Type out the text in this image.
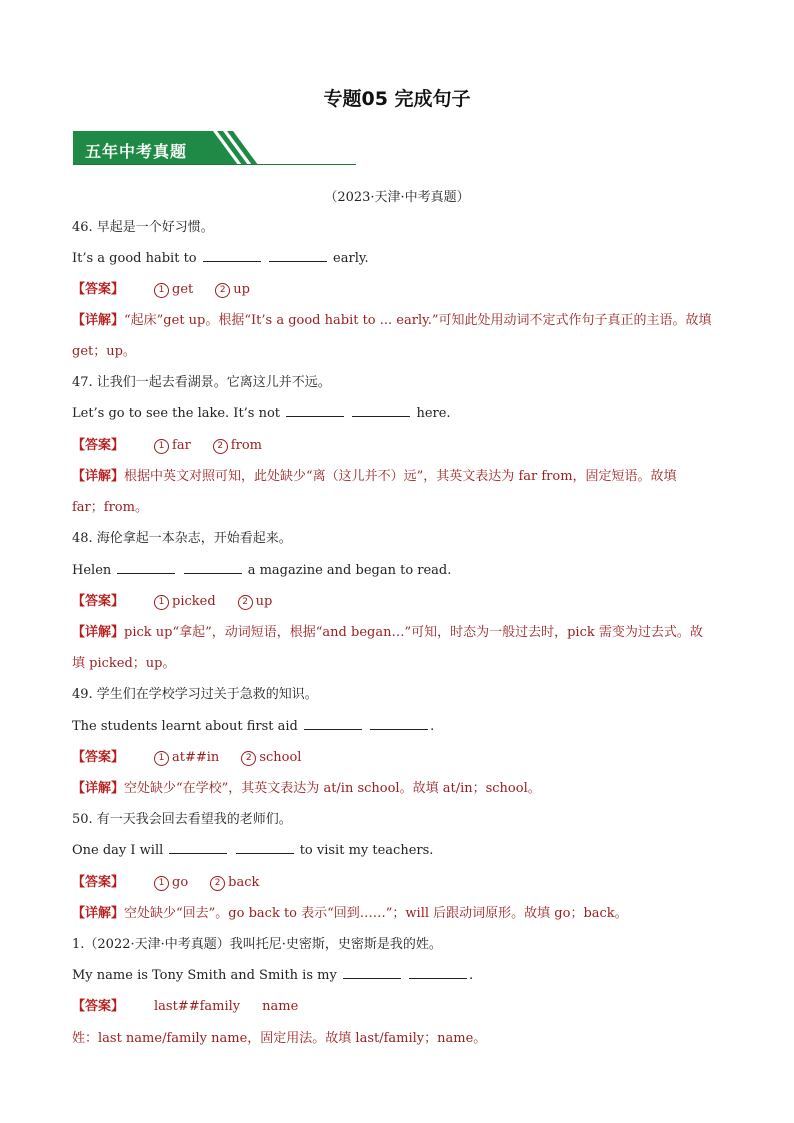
专题05 完成句子
五年中考真题
（2023·天津·中考真题）
46. 早起是一个好习惯。
It’s a good habit to	early.
【答案】	1 get	2 up
【详解】“起床”get up。根据“It’s a good habit to ... early.”可知此处用动词不定式作句子真正的主语。故填
get；up。
47. 让我们一起去看湖景。它离这儿并不远。
Let’s go to see the lake. It’s not	here.
【答案】	1 far	2 from
【详解】根据中英文对照可知，此处缺少“离（这儿并不）远”，其英文表达为 far from，固定短语。故填
far；from。
48. 海伦拿起一本杂志，开始看起来。
Helen	a magazine and began to read.
【答案】	1 picked	2 up
【详解】pick up“拿起”，动词短语，根据“and began…”可知，时态为一般过去时，pick 需变为过去式。故
填 picked；up。
49. 学生们在学校学习过关于急救的知识。
The students learnt about first aid	.
【答案】	1 at##in	2 school
【详解】空处缺少“在学校”，其英文表达为 at/in school。故填 at/in；school。
50. 有一天我会回去看望我的老师们。
One day I will	to visit my teachers.
【答案】	1 go	2 back
【详解】空处缺少“回去”。go back to 表示“回到……”；will 后跟动词原形。故填 go；back。
1.（2022·天津·中考真题）我叫托尼·史密斯，史密斯是我的姓。
My name is Tony Smith and Smith is my	.
【答案】 last##family name
姓：last name/family name，固定用法。故填 last/family；name。
